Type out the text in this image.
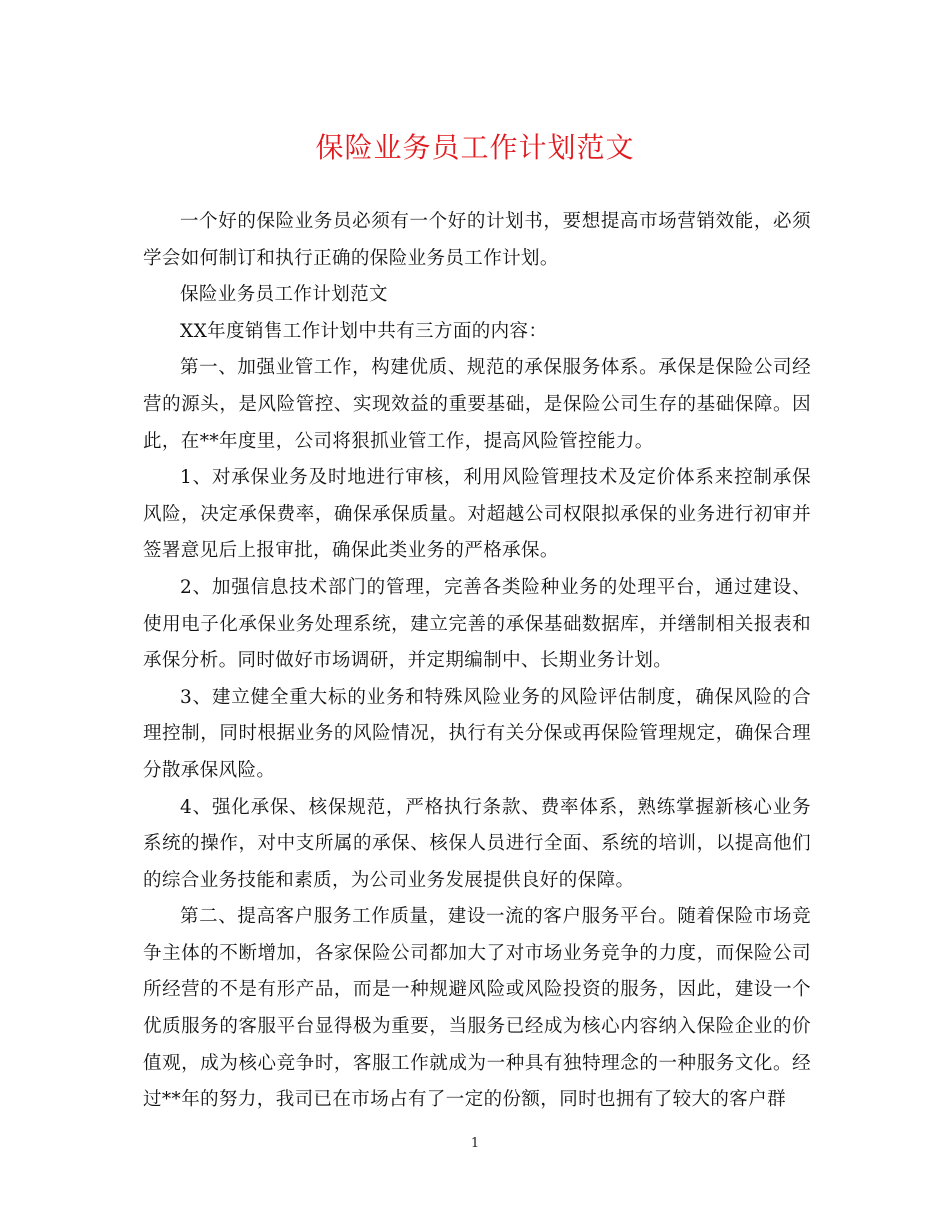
保险业务员工作计划范文

一个好的保险业务员必须有一个好的计划书，要想提高市场营销效能，必须学会如何制订和执行正确的保险业务员工作计划。

保险业务员工作计划范文

XX年度销售工作计划中共有三方面的内容：

第一、加强业管工作，构建优质、规范的承保服务体系。承保是保险公司经营的源头，是风险管控、实现效益的重要基础，是保险公司生存的基础保障。因此，在**年度里，公司将狠抓业管工作，提高风险管控能力。

1、对承保业务及时地进行审核，利用风险管理技术及定价体系来控制承保风险，决定承保费率，确保承保质量。对超越公司权限拟承保的业务进行初审并签署意见后上报审批，确保此类业务的严格承保。

2、加强信息技术部门的管理，完善各类险种业务的处理平台，通过建设、使用电子化承保业务处理系统，建立完善的承保基础数据库，并缮制相关报表和承保分析。同时做好市场调研，并定期编制中、长期业务计划。

3、建立健全重大标的业务和特殊风险业务的风险评估制度，确保风险的合理控制，同时根据业务的风险情况，执行有关分保或再保险管理规定，确保合理分散承保风险。

4、强化承保、核保规范，严格执行条款、费率体系，熟练掌握新核心业务系统的操作，对中支所属的承保、核保人员进行全面、系统的培训，以提高他们的综合业务技能和素质，为公司业务发展提供良好的保障。

第二、提高客户服务工作质量，建设一流的客户服务平台。随着保险市场竞争主体的不断增加，各家保险公司都加大了对市场业务竞争的力度，而保险公司所经营的不是有形产品，而是一种规避风险或风险投资的服务，因此，建设一个优质服务的客服平台显得极为重要，当服务已经成为核心内容纳入保险企业的价值观，成为核心竞争时，客服工作就成为一种具有独特理念的一种服务文化。经过**年的努力，我司已在市场占有了一定的份额，同时也拥有了较大的客户群

1
